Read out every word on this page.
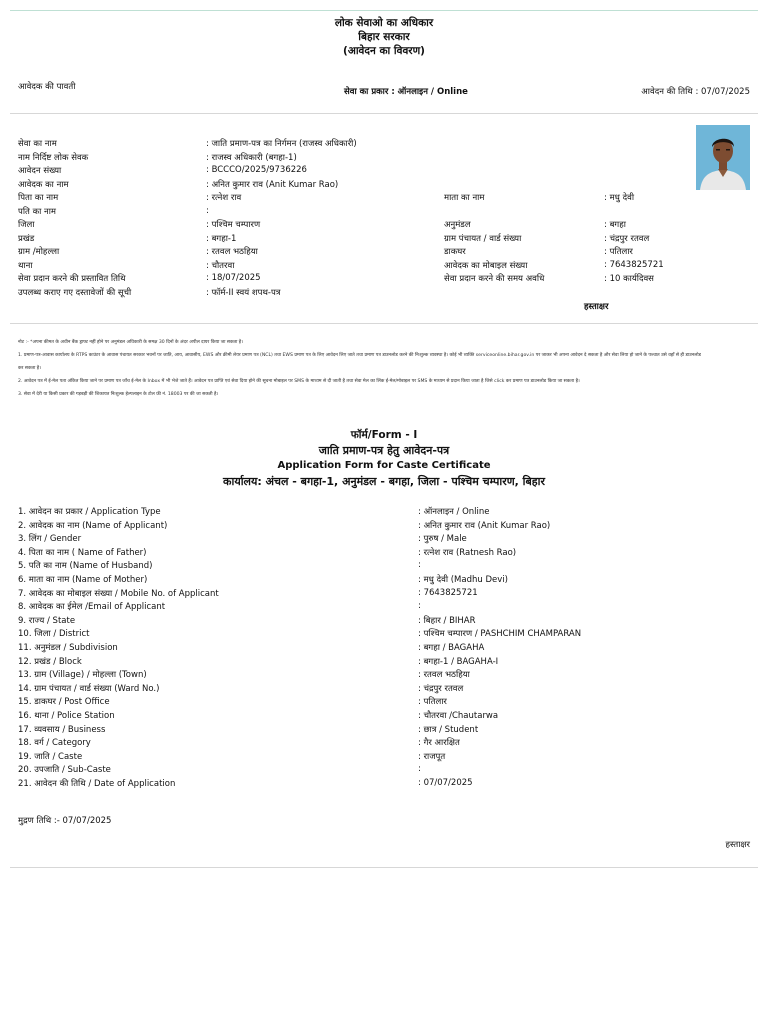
लोक सेवाओ का अधिकार
बिहार सरकार
(आवेदन का विवरण)
आवेदक की पावती	सेवा का प्रकार : ऑनलाइन / Online	आवेदन की तिथि : 07/07/2025
सेवा का नाम	: जाति प्रमाण-पत्र का निर्गमन (राजस्व अधिकारी)
नाम निर्दिष्ट लोक सेवक	: राजस्व अधिकारी (बगहा-1)
आवेदन संख्या	: BCCCO/2025/9736226
आवेदक का नाम	: अनित कुमार राव (Anit Kumar Rao)
पिता का नाम	: रत्नेश राव	माता का नाम	: मधु देवी
पति का नाम	:
जिला	: पश्चिम चम्पारण	अनुमंडल	: बगहा
प्रखंड	: बगहा-1	ग्राम पंचायत / वार्ड संख्या	: चंद्रपुर रतवल
ग्राम /मोहल्ला	: रतवल भठहिया	डाकघर	: पतिलार
थाना	: चौतरवा	आवेदक का मोबाइल संख्या	: 7643825721
सेवा प्रदान करने की प्रस्तावित तिथि	: 18/07/2025	सेवा प्रदान करने की समय अवधि	: 10 कार्यदिवस
उपलब्ध कराए गए दस्तावेजों की सूची	: फॉर्म-II स्वयं शपथ-पत्र
हस्ताक्षर
नोट :- *अपना कीमत के अधीन बैंक ड्राफ्ट नहीं होने पर अनुमंडल अधिकारी के समक्ष 30 दिनों के अंदर अपील दायर किया जा सकता है।
1. प्रमाण-पत्र-आवास कार्यालय के RTPS काउंटर के आवास पंचायत सरकार भवनों पर जाति, आय, आवासीय, EWS और क्रीमी लेयर प्रमाण पत्र (NCL) तथा EWS प्रमाण पत्र के लिए आवेदन लिए जाते तथा प्रमाण पत्र डाउनलोड करने की निःशुल्क व्यवस्था है। कोई भी व्यक्ति serviceonline.bihar.gov.in पर जाकर भी अपना आवेदन दे सकता है और सेवा लिया हो जाने के पश्चात उसे वहाँ से ही डाउनलोड
कर सकता है।
2. आवेदन पत्र में ई-मेल पता अंकित किया जाने पर प्रमाण पत्र जाँच ई-मेल के Inbox में भी भेजे जाते हैं। आवेदन पत्र प्राप्ति एवं सेवा दिया होने की सूचना मोबाइल पर SMS के माध्यम से दी जाती है तथा सेवा मेल का लिंक ई-मेल/मोबाइल पर SMS के माध्यम से प्रदान किया जाता है जिसे click कर प्रमाण पत्र डाउनलोड किया जा सकता है।
3. सेवा में देरी या किसी प्रकार की गड़बड़ी की शिकायत निःशुल्क हेल्पलाइन के टोल फ्री नं. 18003 पर की जा सकती है।
फॉर्म/Form - I
जाति प्रमाण-पत्र हेतु आवेदन-पत्र
Application Form for Caste Certificate
कार्यालय: अंचल - बगहा-1, अनुमंडल - बगहा, जिला - पश्चिम चम्पारण, बिहार
1. आवेदन का प्रकार / Application Type	: ऑनलाइन / Online
2. आवेदक का नाम (Name of Applicant)	: अनित कुमार राव (Anit Kumar Rao)
3. लिंग / Gender	: पुरुष / Male
4. पिता का नाम ( Name of Father)	: रत्नेश राव (Ratnesh Rao)
5. पति का नाम (Name of Husband)	:
6. माता का नाम (Name of Mother)	: मधु देवी (Madhu Devi)
7. आवेदक का मोबाइल संख्या / Mobile No. of Applicant	: 7643825721
8. आवेदक का ईमेल /Email of Applicant	:
9. राज्य / State	: बिहार / BIHAR
10. जिला / District	: पश्चिम चम्पारण / PASHCHIM CHAMPARAN
11. अनुमंडल / Subdivision	: बगहा / BAGAHA
12. प्रखंड / Block	: बगहा-1 / BAGAHA-I
13. ग्राम (Village) / मोहल्ला (Town)	: रतवल भठहिया
14. ग्राम पंचायत / वार्ड संख्या (Ward No.)	: चंद्रपुर रतवल
15. डाकघर / Post Office	: पतिलार
16. थाना / Police Station	: चौतरवा /Chautarwa
17. व्यवसाय / Business	: छात्र / Student
18. वर्ग / Category	: गैर आरक्षित
19. जाति / Caste	: राजपूत
20. उपजाति / Sub-Caste	:
21. आवेदन की तिथि / Date of Application	: 07/07/2025
मुद्रण तिथि :- 07/07/2025
हस्ताक्षर
